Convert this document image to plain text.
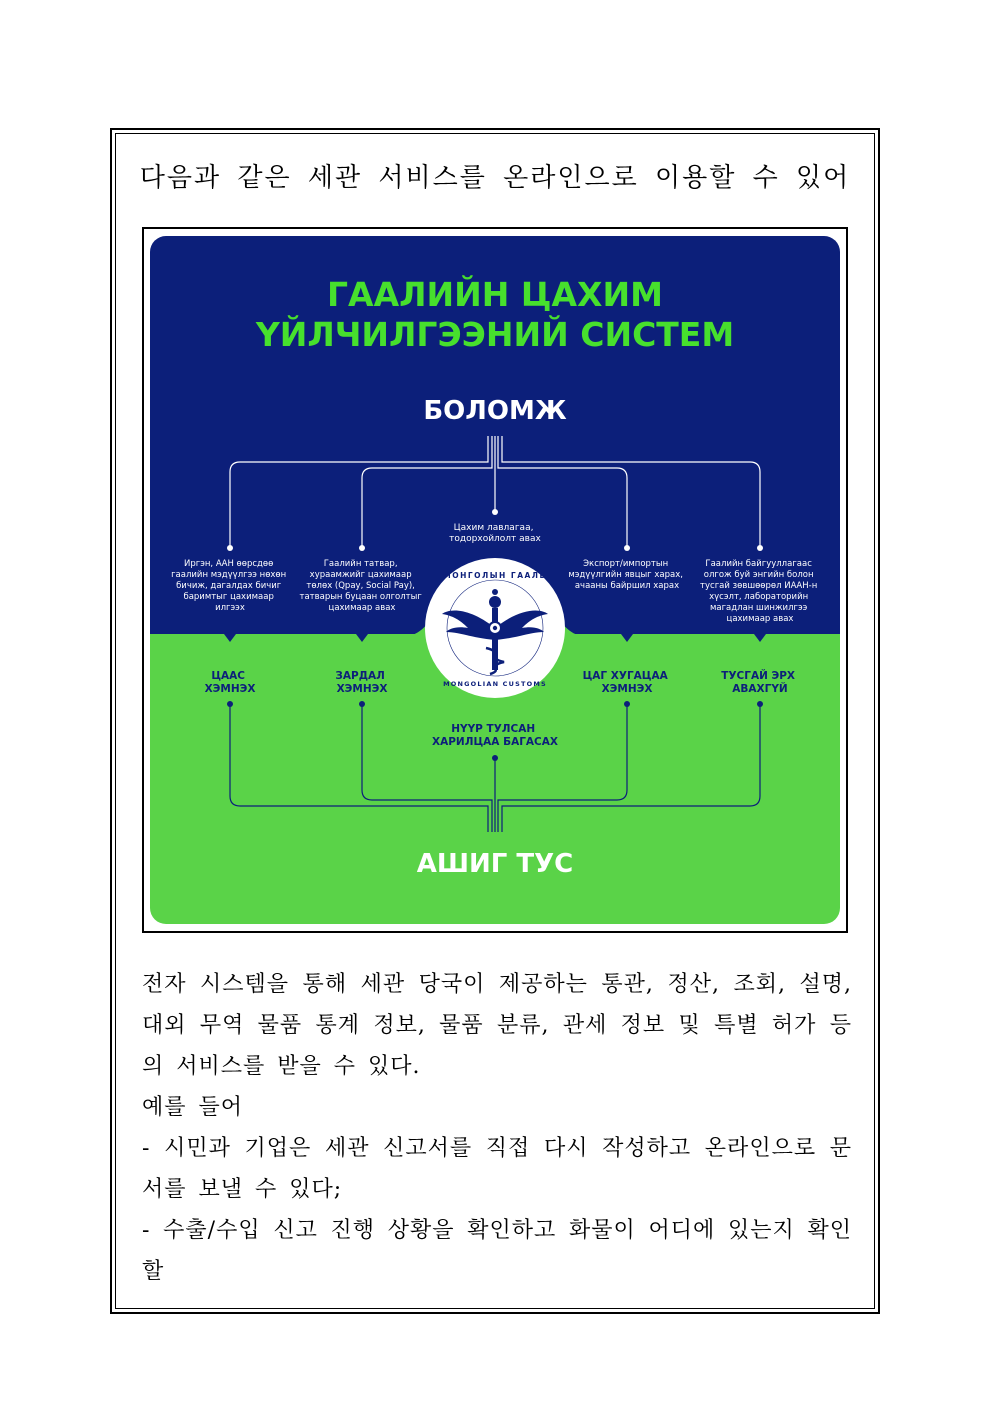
다음과 같은 세관 서비스를 온라인으로 이용할 수 있어
ГААЛИЙН ЦАХИМ
ҮЙЛЧИЛГЭЭНИЙ СИСТЕМ
БОЛОМЖ
Цахим лавлагаа, тодорхойлолт авах
Иргэн, ААН өөрсдөө гаалийн мэдүүлгээ нөхөн бичиж, дагалдах бичиг баримтыг цахимаар илгээх
Гаалийн татвар, хураамжийг цахимаар төлөх (Qpay, Social Pay), татварын буцаан олголтыг цахимаар авах
Экспорт/импортын мэдүүлгийн явцыг харах, ачааны байршил харах
Гаалийн байгууллагаас олгож буй энгийн болон тусгай зөвшөөрөл ИААН-н хүсэлт, лабораторийн магадлан шинжилгээ цахимаар авах
МОНГОЛЫН ГААЛЬ
MONGOLIAN CUSTOMS
ЦААС ХЭМНЭХ
ЗАРДАЛ ХЭМНЭХ
ЦАГ ХУГАЦАА ХЭМНЭХ
ТУСГАЙ ЭРХ АВАХГҮЙ
НҮҮР ТУЛСАН ХАРИЛЦАА БАГАСАХ
АШИГ ТУС

전자 시스템을 통해 세관 당국이 제공하는 통관, 정산, 조회, 설명, 대외 무역 물품 통계 정보, 물품 분류, 관세 정보 및 특별 허가 등의 서비스를 받을 수 있다.

예를 들어

- 시민과 기업은 세관 신고서를 직접 다시 작성하고 온라인으로 문서를 보낼 수 있다;

- 수출/수입 신고 진행 상황을 확인하고 화물이 어디에 있는지 확인할
